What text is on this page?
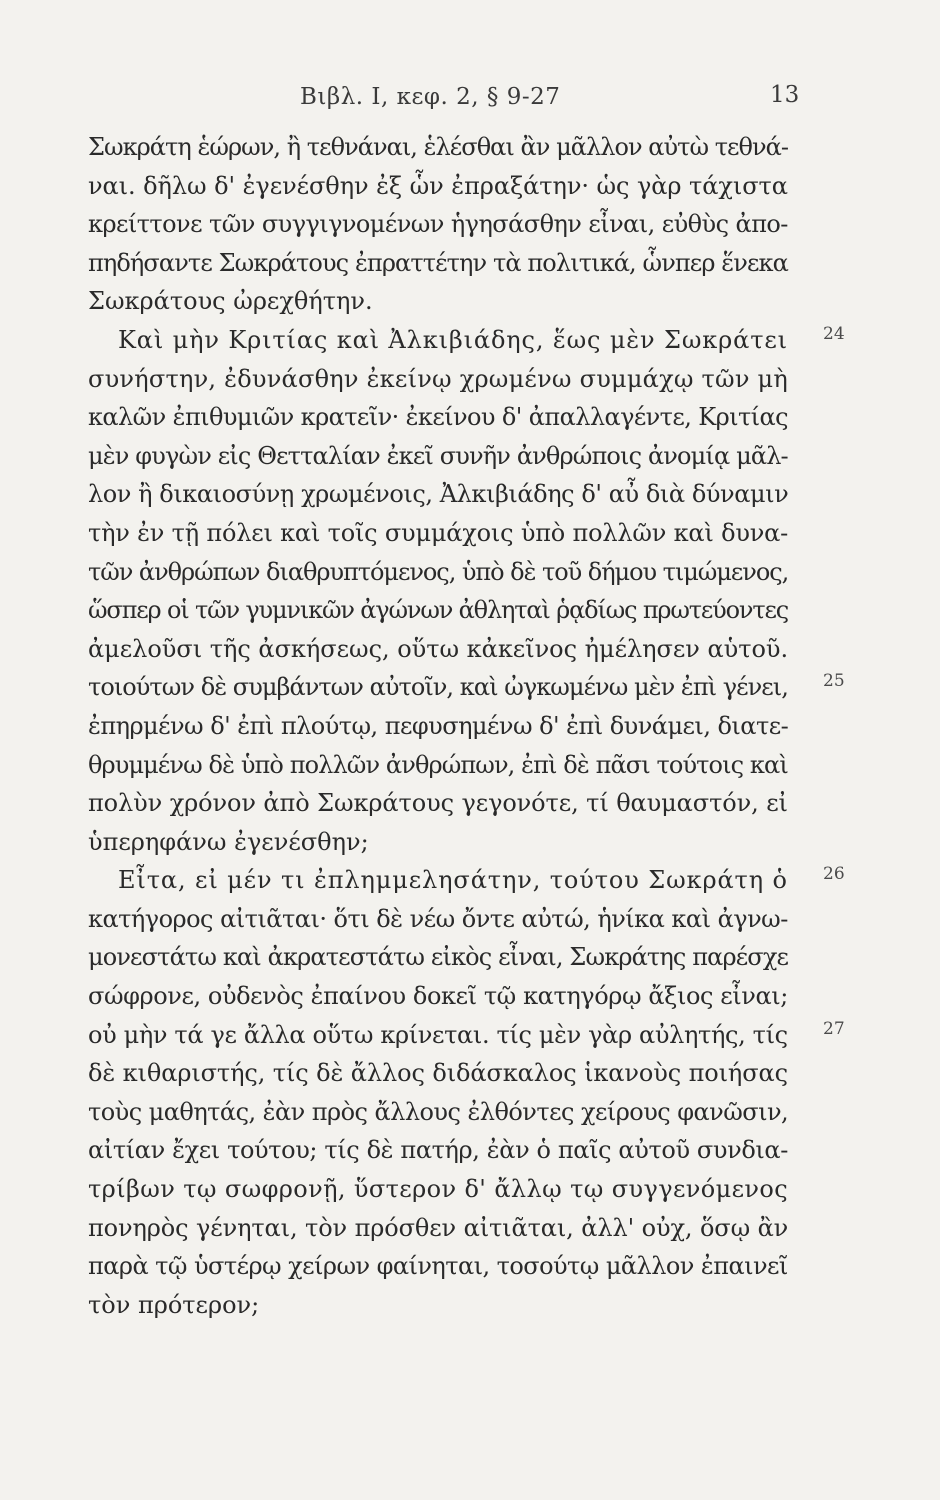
Βιβλ. Ι, κεφ. 2, § 9-27	13
Σωκράτη ἑώρων, ἢ τεθνάναι, ἑλέσθαι ἂν μᾶλλον αὐτὼ τεθνά-
ναι. δῆλω δ' ἐγενέσθην ἐξ ὧν ἐπραξάτην· ὡς γὰρ τάχιστα
κρείττονε τῶν συγγιγνομένων ἡγησάσθην εἶναι, εὐθὺς ἀπο-
πηδήσαντε Σωκράτους ἐπραττέτην τὰ πολιτικά, ὧνπερ ἕνεκα
Σωκράτους ὠρεχθήτην.
Καὶ μὴν Κριτίας καὶ Ἀλκιβιάδης, ἕως μὲν Σωκράτει 24
συνήστην, ἐδυνάσθην ἐκείνῳ χρωμένω συμμάχῳ τῶν μὴ
καλῶν ἐπιθυμιῶν κρατεῖν· ἐκείνου δ' ἀπαλλαγέντε, Κριτίας
μὲν φυγὼν εἰς Θετταλίαν ἐκεῖ συνῆν ἀνθρώποις ἀνομίᾳ μᾶλ-
λον ἢ δικαιοσύνῃ χρωμένοις, Ἀλκιβιάδης δ' αὖ διὰ δύναμιν
τὴν ἐν τῇ πόλει καὶ τοῖς συμμάχοις ὑπὸ πολλῶν καὶ δυνα-
τῶν ἀνθρώπων διαθρυπτόμενος, ὑπὸ δὲ τοῦ δήμου τιμώμενος,
ὥσπερ οἱ τῶν γυμνικῶν ἀγώνων ἀθληταὶ ῥᾳδίως πρωτεύοντες
ἀμελοῦσι τῆς ἀσκήσεως, οὕτω κἀκεῖνος ἠμέλησεν αὑτοῦ.
τοιούτων δὲ συμβάντων αὐτοῖν, καὶ ὠγκωμένω μὲν ἐπὶ γένει, 25
ἐπηρμένω δ' ἐπὶ πλούτῳ, πεφυσημένω δ' ἐπὶ δυνάμει, διατε-
θρυμμένω δὲ ὑπὸ πολλῶν ἀνθρώπων, ἐπὶ δὲ πᾶσι τούτοις καὶ
πολὺν χρόνον ἀπὸ Σωκράτους γεγονότε, τί θαυμαστόν, εἰ
ὑπερηφάνω ἐγενέσθην;
Εἶτα, εἰ μέν τι ἐπλημμελησάτην, τούτου Σωκράτη ὁ 26
κατήγορος αἰτιᾶται· ὅτι δὲ νέω ὄντε αὐτώ, ἡνίκα καὶ ἀγνω-
μονεστάτω καὶ ἀκρατεστάτω εἰκὸς εἶναι, Σωκράτης παρέσχε
σώφρονε, οὐδενὸς ἐπαίνου δοκεῖ τῷ κατηγόρῳ ἄξιος εἶναι;
οὐ μὴν τά γε ἄλλα οὕτω κρίνεται. τίς μὲν γὰρ αὐλητής, τίς 27
δὲ κιθαριστής, τίς δὲ ἄλλος διδάσκαλος ἱκανοὺς ποιήσας
τοὺς μαθητάς, ἐὰν πρὸς ἄλλους ἐλθόντες χείρους φανῶσιν,
αἰτίαν ἔχει τούτου; τίς δὲ πατήρ, ἐὰν ὁ παῖς αὐτοῦ συνδια-
τρίβων τῳ σωφρονῇ, ὕστερον δ' ἄλλῳ τῳ συγγενόμενος
πονηρὸς γένηται, τὸν πρόσθεν αἰτιᾶται, ἀλλ' οὐχ, ὅσῳ ἂν
παρὰ τῷ ὑστέρῳ χείρων φαίνηται, τοσούτῳ μᾶλλον ἐπαινεῖ
τὸν πρότερον;
